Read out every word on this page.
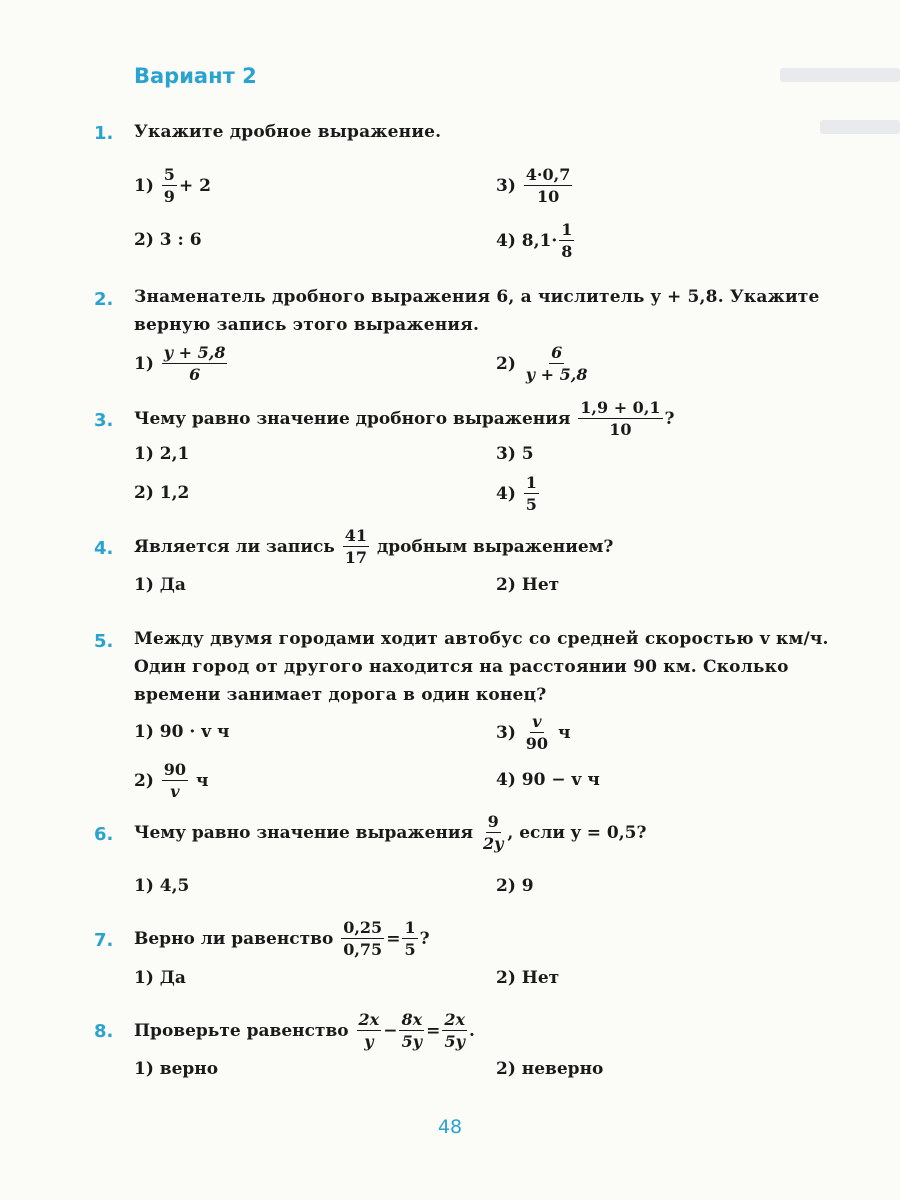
Вариант 2
1. Укажите дробное выражение.
1)
$\frac{5}{9} + 2$	3)
$\frac{4\cdot 0,7}{10}$
2)
3 : 6	4)
$8,1\cdot \frac{1}{8}$
2. Знаменатель дробного выражения 6, а числитель y + 5,8. Укажите верную запись этого выражения.
1)
$\frac{y + 5,8}{6}$	2)
$\frac{6}{y + 5,8}$
3. Чему равно значение дробного выражения
$\frac{1,9 + 0,1}{10}$ ?
1)
2,1	3)
5
2)
1,2	4)
$\frac{1}{5}$
4. Является ли запись
$\frac{41}{17}$
дробным выражением?
1)
Да	2)
Нет
5. Между двумя городами ходит автобус со средней скоростью v км/ч. Один город от другого находится на расстоянии 90 км. Сколько времени занимает дорога в один конец?
1)
90 · v ч	3)
$\frac{v}{90}$
ч
2)
$\frac{90}{v}$
ч	4)
90 − v ч
6. Чему равно значение выражения
$\frac{9}{2y}$ , если y = 0,5?
1)
4,5	2)
9
7. Верно ли равенство
$\frac{0,25}{0,75} = \frac{1}{5}$ ?
1)
Да	2)
Нет
8. Проверьте равенство
$\frac{2x}{y} - \frac{8x}{5y} = \frac{2x}{5y}$ .
1)
верно	2)
неверно
48
